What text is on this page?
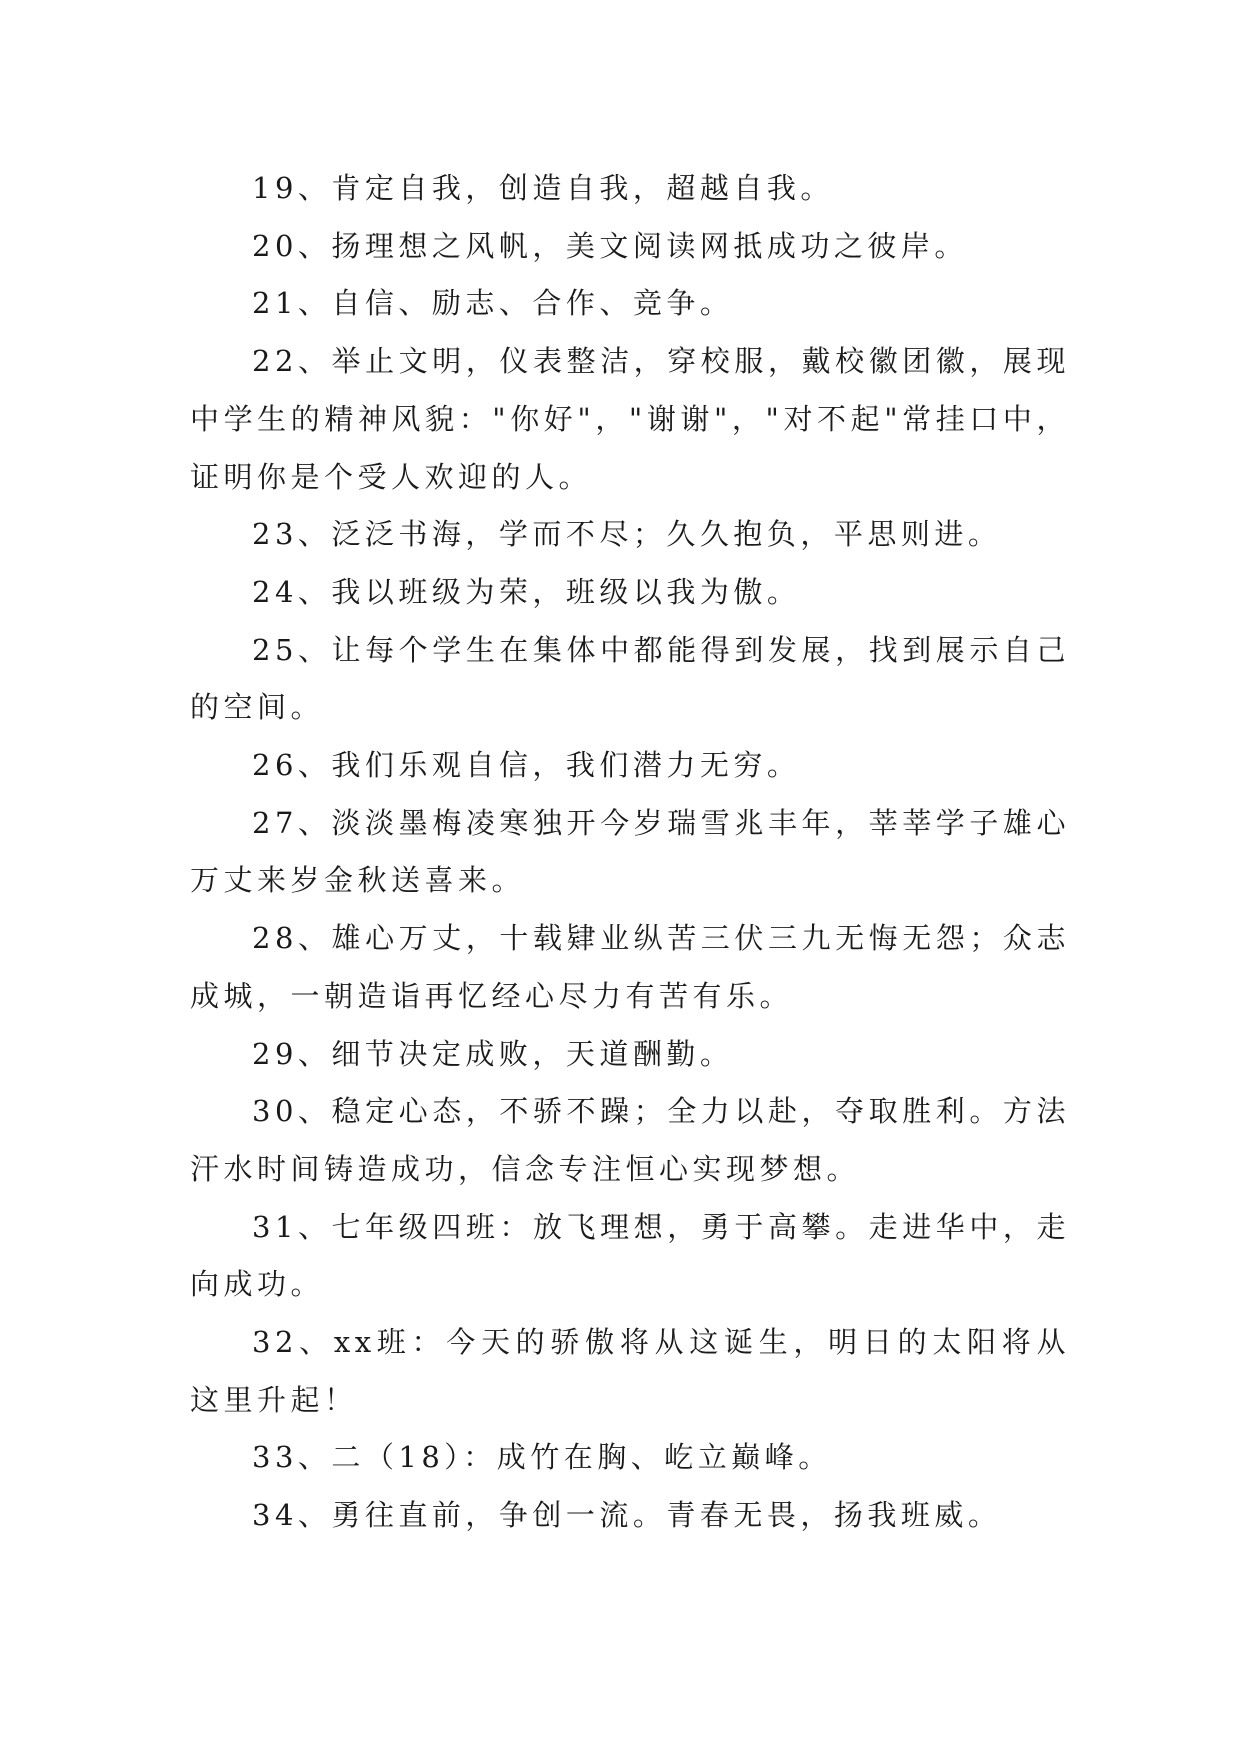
19、肯定自我，创造自我，超越自我。

20、扬理想之风帆，美文阅读网抵成功之彼岸。

21、自信、励志、合作、竞争。

22、举止文明，仪表整洁，穿校服，戴校徽团徽，展现中学生的精神风貌："你好"，"谢谢"，"对不起"常挂口中，证明你是个受人欢迎的人。

23、泛泛书海，学而不尽；久久抱负，平思则进。

24、我以班级为荣，班级以我为傲。

25、让每个学生在集体中都能得到发展，找到展示自己的空间。

26、我们乐观自信，我们潜力无穷。

27、淡淡墨梅凌寒独开今岁瑞雪兆丰年，莘莘学子雄心万丈来岁金秋送喜来。

28、雄心万丈，十载肄业纵苦三伏三九无悔无怨；众志成城，一朝造诣再忆经心尽力有苦有乐。

29、细节决定成败，天道酬勤。

30、稳定心态，不骄不躁；全力以赴，夺取胜利。方法汗水时间铸造成功，信念专注恒心实现梦想。

31、七年级四班：放飞理想，勇于高攀。走进华中，走向成功。

32、xx班：今天的骄傲将从这诞生，明日的太阳将从这里升起！

33、二（18）：成竹在胸、屹立巅峰。

34、勇往直前，争创一流。青春无畏，扬我班威。
